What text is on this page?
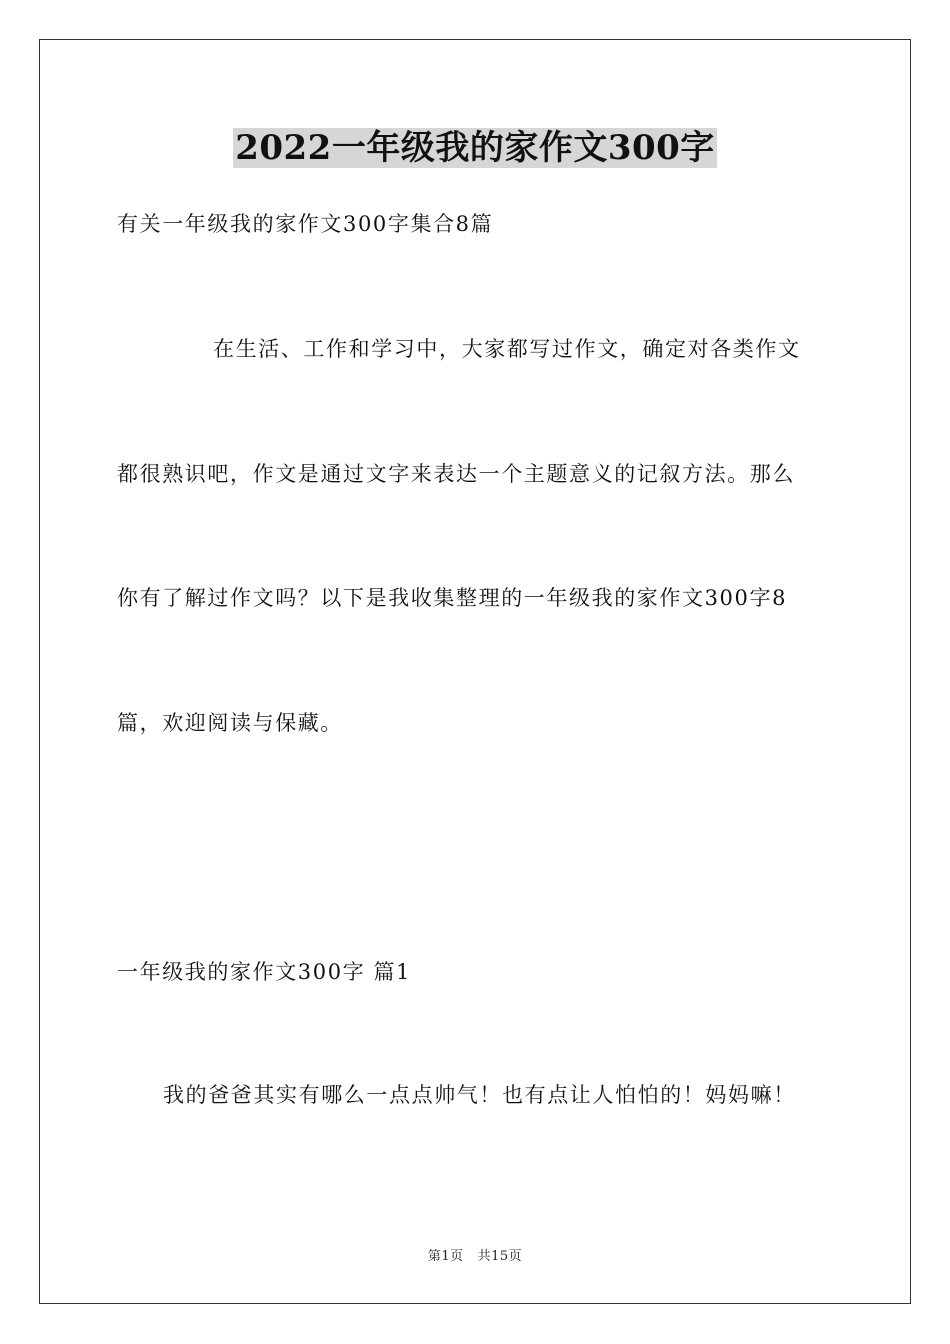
2022一年级我的家作文300字
有关一年级我的家作文300字集合8篇
在生活、工作和学习中，大家都写过作文，确定对各类作文
都很熟识吧，作文是通过文字来表达一个主题意义的记叙方法。那么
你有了解过作文吗？以下是我收集整理的一年级我的家作文300字8
篇，欢迎阅读与保藏。
一年级我的家作文300字 篇1
我的爸爸其实有哪么一点点帅气！也有点让人怕怕的！妈妈嘛！
第1页 共15页
